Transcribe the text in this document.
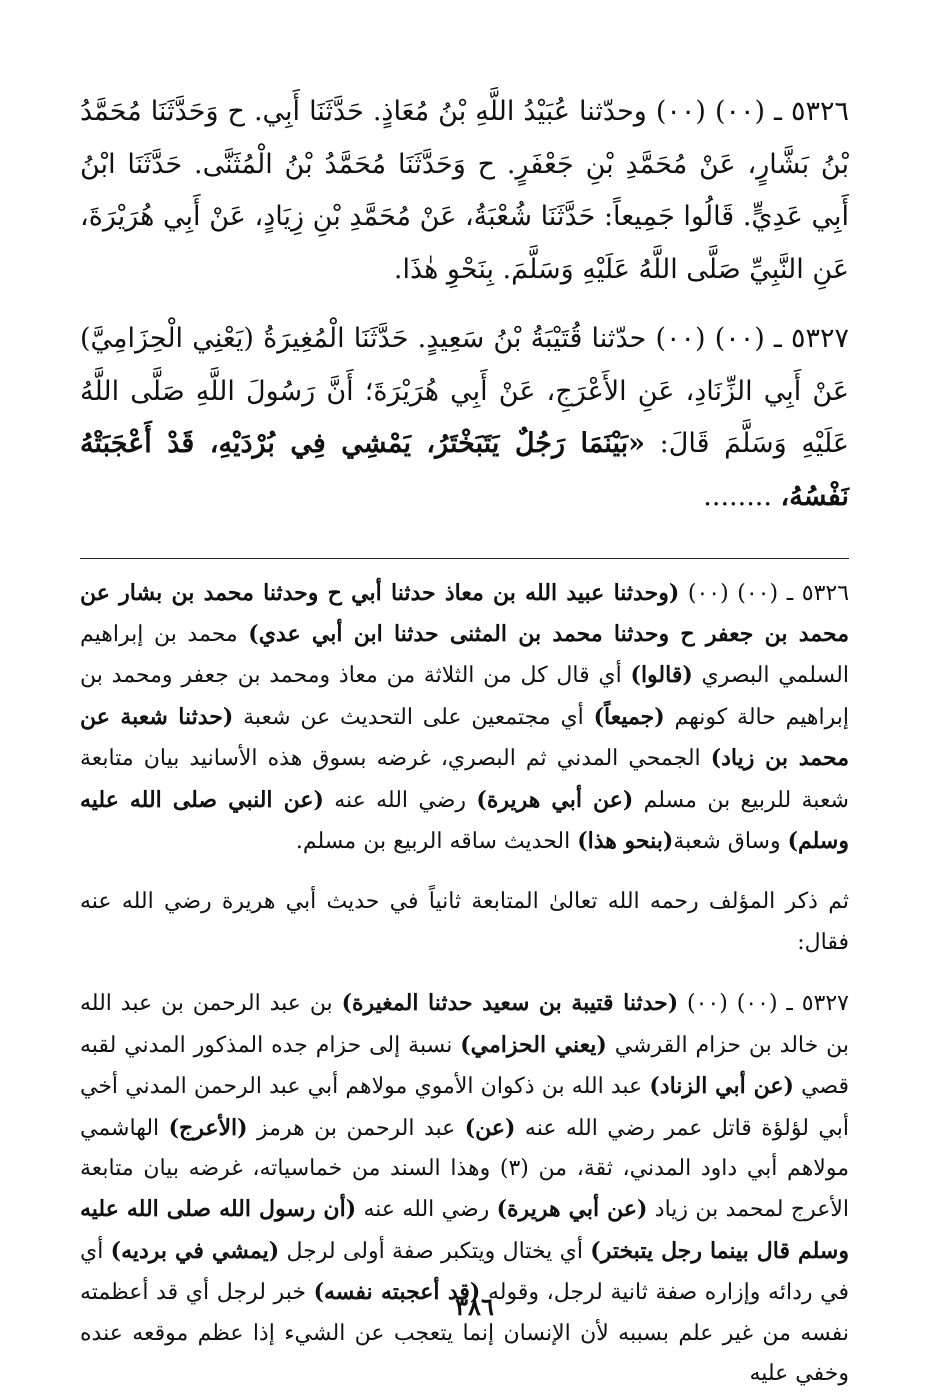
٥٣٢٦ ـ (٠٠) (٠٠) وحدّثنا عُبَيْدُ اللَّهِ بْنُ مُعَاذٍ. حَدَّثَنَا أَبِي. ح وَحَدَّثَنَا مُحَمَّدُ بْنُ بَشَّارٍ، عَنْ مُحَمَّدِ بْنِ جَعْفَرٍ. ح وَحَدَّثَنَا مُحَمَّدُ بْنُ الْمُثَنَّى. حَدَّثَنَا ابْنُ أَبِي عَدِيٍّ. قَالُوا جَمِيعاً: حَدَّثَنَا شُعْبَةُ، عَنْ مُحَمَّدِ بْنِ زِيَادٍ، عَنْ أَبِي هُرَيْرَةَ، عَنِ النَّبِيِّ صَلَّى اللَّهُ عَلَيْهِ وَسَلَّمَ. بِنَحْوِ هٰذَا.

٥٣٢٧ ـ (٠٠) (٠٠) حدّثنا قُتَيْبَةُ بْنُ سَعِيدٍ. حَدَّثَنَا الْمُغِيرَةُ (يَعْنِي الْحِزَامِيَّ) عَنْ أَبِي الزِّنَادِ، عَنِ الأَعْرَجِ، عَنْ أَبِي هُرَيْرَةَ؛ أَنَّ رَسُولَ اللَّهِ صَلَّى اللَّهُ عَلَيْهِ وَسَلَّمَ قَالَ: «بَيْنَمَا رَجُلٌ يَتَبَخْتَرُ، يَمْشِي فِي بُرْدَيْهِ، قَدْ أَعْجَبَتْهُ نَفْسُهُ، ........

٥٣٢٦ ـ (٠٠) (٠٠) (وحدثنا عبيد الله بن معاذ حدثنا أبي ح وحدثنا محمد بن بشار عن محمد بن جعفر ح وحدثنا محمد بن المثنى حدثنا ابن أبي عدي) محمد بن إبراهيم السلمي البصري (قالوا) أي قال كل من الثلاثة من معاذ ومحمد بن جعفر ومحمد بن إبراهيم حالة كونهم (جميعاً) أي مجتمعين على التحديث عن شعبة (حدثنا شعبة عن محمد بن زياد) الجمحي المدني ثم البصري، غرضه بسوق هذه الأسانيد بيان متابعة شعبة للربيع بن مسلم (عن أبي هريرة) رضي الله عنه (عن النبي صلى الله عليه وسلم) وساق شعبة(بنحو هذا) الحديث ساقه الربيع بن مسلم.

ثم ذكر المؤلف رحمه الله تعالىٰ المتابعة ثانياً في حديث أبي هريرة رضي الله عنه فقال:

٥٣٢٧ ـ (٠٠) (٠٠) (حدثنا قتيبة بن سعيد حدثنا المغيرة) بن عبد الرحمن بن عبد الله بن خالد بن حزام القرشي (يعني الحزامي) نسبة إلى حزام جده المذكور المدني لقبه قصي (عن أبي الزناد) عبد الله بن ذكوان الأموي مولاهم أبي عبد الرحمن المدني أخي أبي لؤلؤة قاتل عمر رضي الله عنه (عن) عبد الرحمن بن هرمز (الأعرج) الهاشمي مولاهم أبي داود المدني، ثقة، من (٣) وهذا السند من خماسياته، غرضه بيان متابعة الأعرج لمحمد بن زياد (عن أبي هريرة) رضي الله عنه (أن رسول الله صلى الله عليه وسلم قال بينما رجل يتبختر) أي يختال ويتكبر صفة أولى لرجل (يمشي في برديه) أي في ردائه وإزاره صفة ثانية لرجل، وقوله (قد أعجبته نفسه) خبر لرجل أي قد أعظمته نفسه من غير علم بسببه لأن الإنسان إنما يتعجب عن الشيء إذا عظم موقعه عنده وخفي عليه

٣٨٦
